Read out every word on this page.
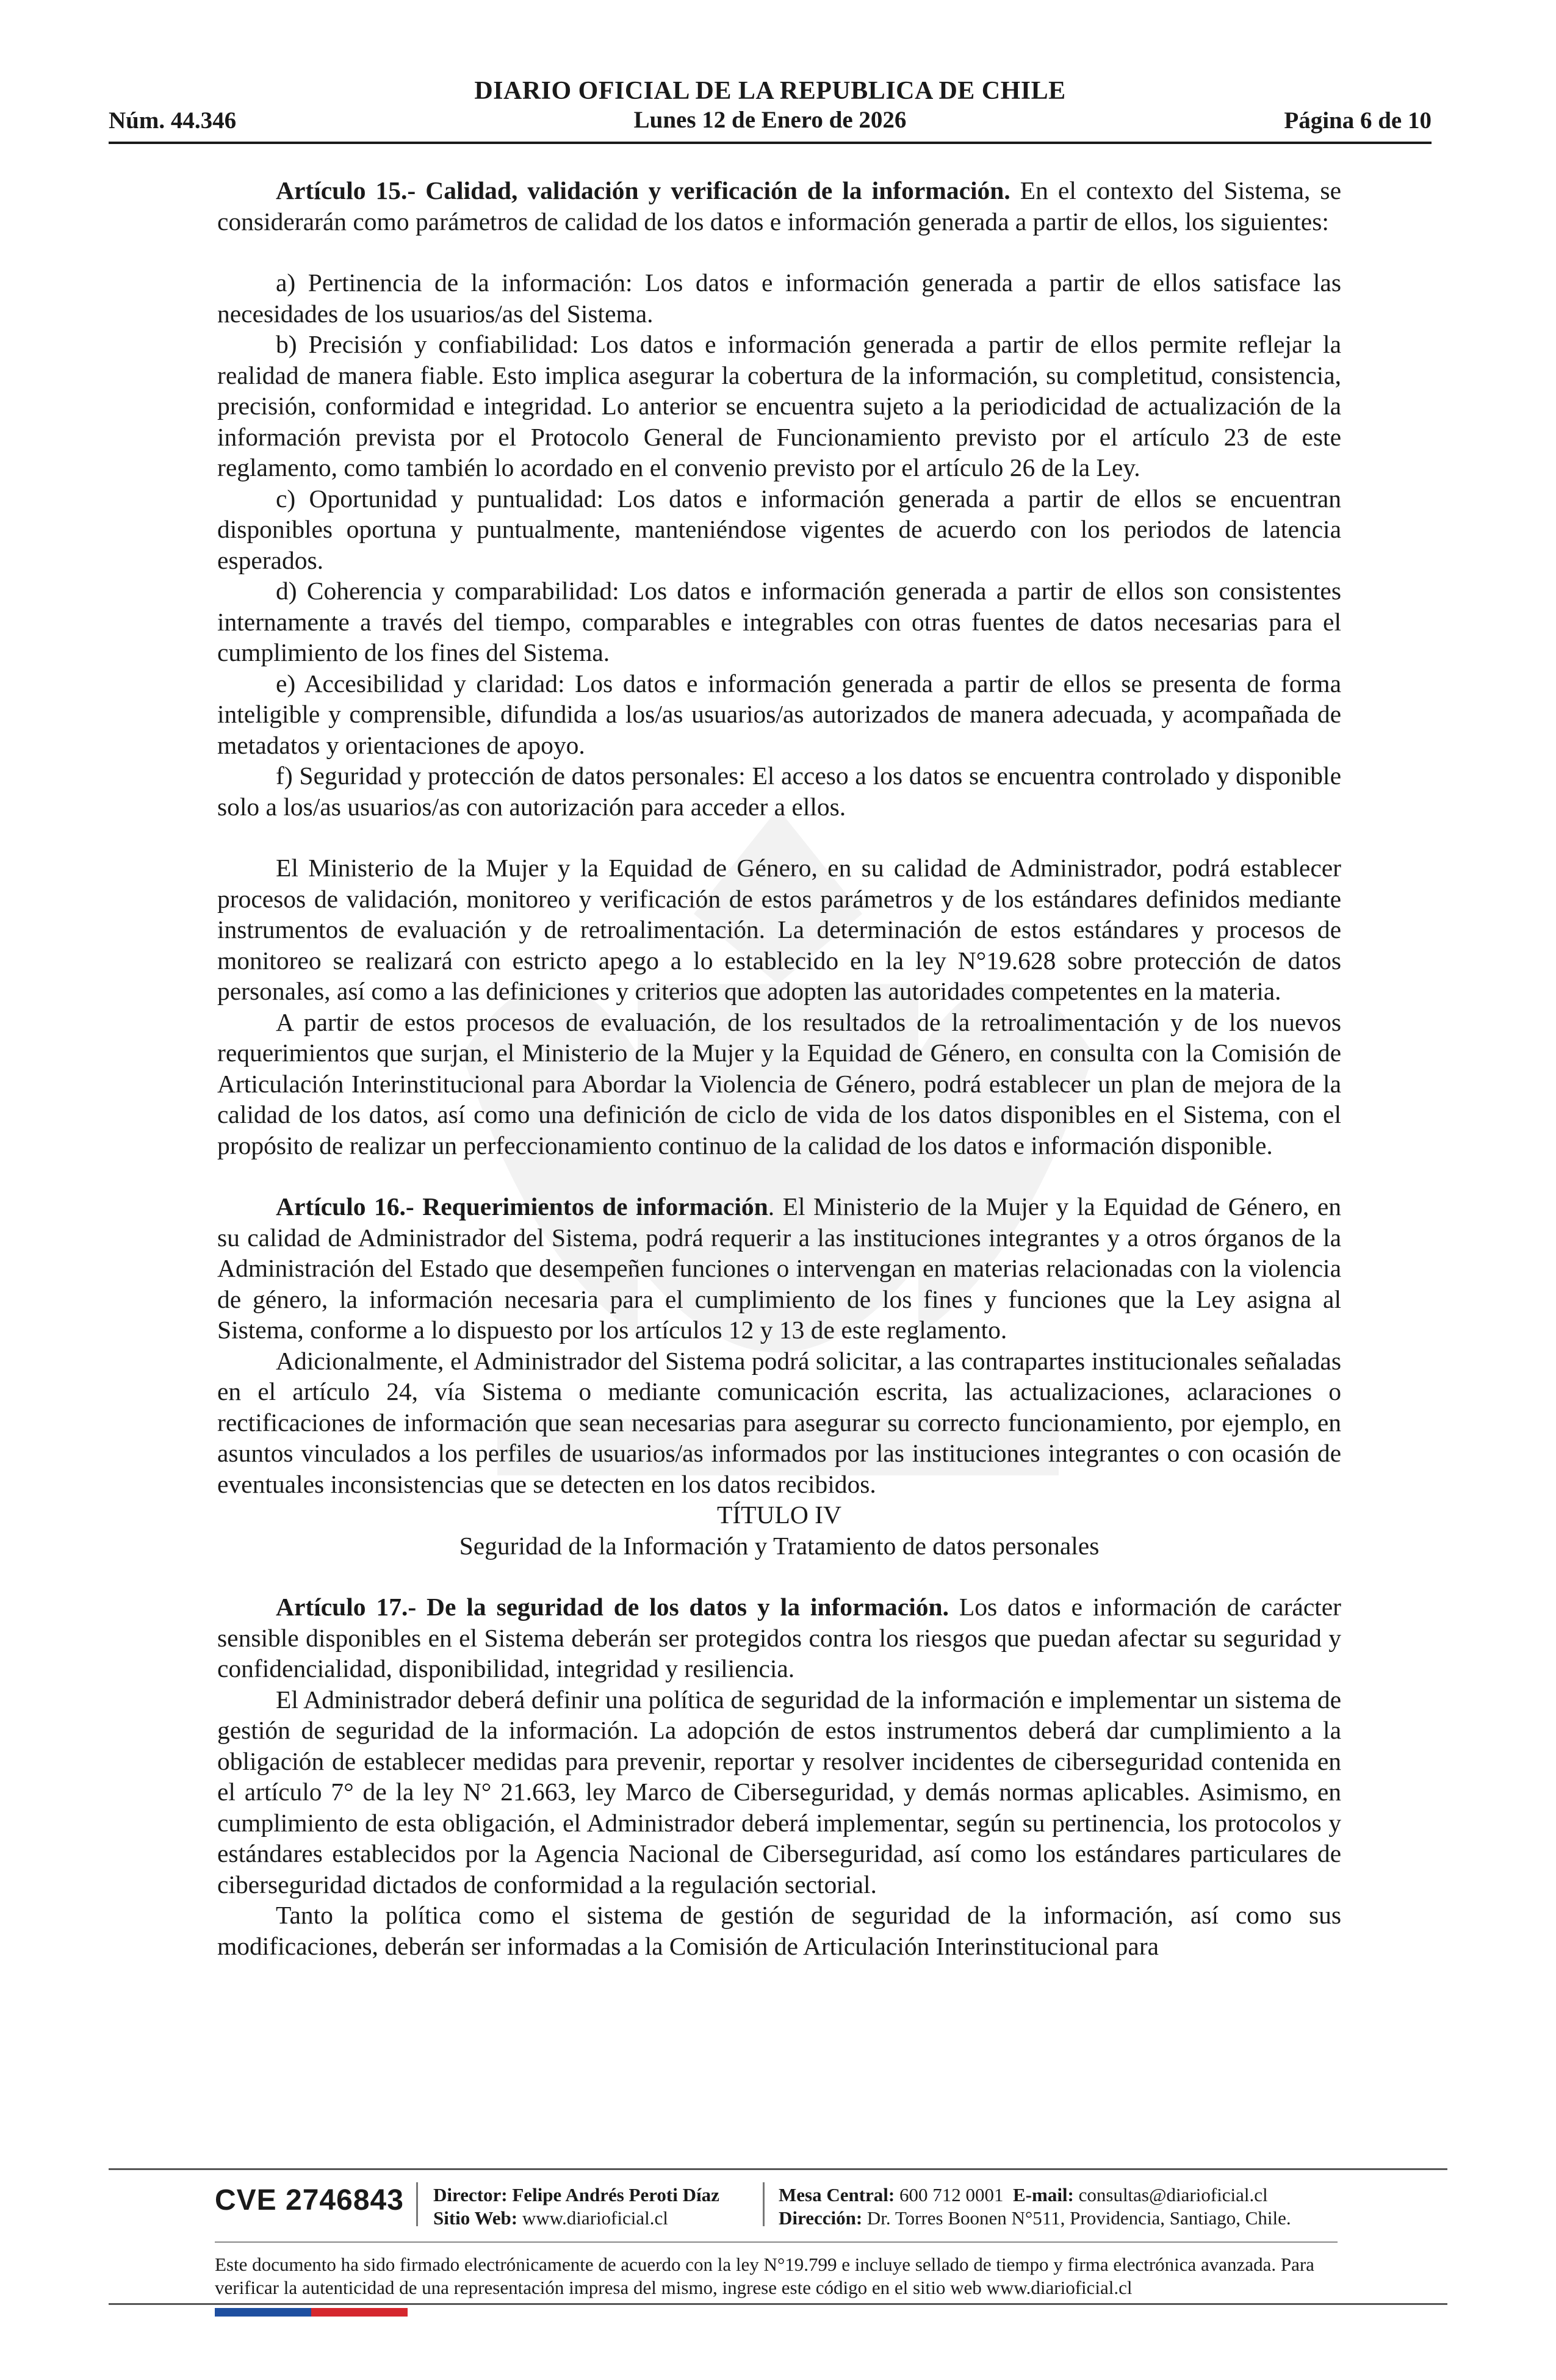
Núm. 44.346
DIARIO OFICIAL DE LA REPUBLICA DE CHILE
Lunes 12 de Enero de 2026	Página 6 de 10

Artículo 15.- Calidad, validación y verificación de la información. En el contexto del Sistema, se considerarán como parámetros de calidad de los datos e información generada a partir de ellos, los siguientes:

a) Pertinencia de la información: Los datos e información generada a partir de ellos satisface las necesidades de los usuarios/as del Sistema.

b) Precisión y confiabilidad: Los datos e información generada a partir de ellos permite reflejar la realidad de manera fiable. Esto implica asegurar la cobertura de la información, su completitud, consistencia, precisión, conformidad e integridad. Lo anterior se encuentra sujeto a la periodicidad de actualización de la información prevista por el Protocolo General de Funcionamiento previsto por el artículo 23 de este reglamento, como también lo acordado en el convenio previsto por el artículo 26 de la Ley.

c) Oportunidad y puntualidad: Los datos e información generada a partir de ellos se encuentran disponibles oportuna y puntualmente, manteniéndose vigentes de acuerdo con los periodos de latencia esperados.

d) Coherencia y comparabilidad: Los datos e información generada a partir de ellos son consistentes internamente a través del tiempo, comparables e integrables con otras fuentes de datos necesarias para el cumplimiento de los fines del Sistema.

e) Accesibilidad y claridad: Los datos e información generada a partir de ellos se presenta de forma inteligible y comprensible, difundida a los/as usuarios/as autorizados de manera adecuada, y acompañada de metadatos y orientaciones de apoyo.

f) Seguridad y protección de datos personales: El acceso a los datos se encuentra controlado y disponible solo a los/as usuarios/as con autorización para acceder a ellos.

El Ministerio de la Mujer y la Equidad de Género, en su calidad de Administrador, podrá establecer procesos de validación, monitoreo y verificación de estos parámetros y de los estándares definidos mediante instrumentos de evaluación y de retroalimentación. La determinación de estos estándares y procesos de monitoreo se realizará con estricto apego a lo establecido en la ley N°19.628 sobre protección de datos personales, así como a las definiciones y criterios que adopten las autoridades competentes en la materia.

A partir de estos procesos de evaluación, de los resultados de la retroalimentación y de los nuevos requerimientos que surjan, el Ministerio de la Mujer y la Equidad de Género, en consulta con la Comisión de Articulación Interinstitucional para Abordar la Violencia de Género, podrá establecer un plan de mejora de la calidad de los datos, así como una definición de ciclo de vida de los datos disponibles en el Sistema, con el propósito de realizar un perfeccionamiento continuo de la calidad de los datos e información disponible.

Artículo 16.- Requerimientos de información. El Ministerio de la Mujer y la Equidad de Género, en su calidad de Administrador del Sistema, podrá requerir a las instituciones integrantes y a otros órganos de la Administración del Estado que desempeñen funciones o intervengan en materias relacionadas con la violencia de género, la información necesaria para el cumplimiento de los fines y funciones que la Ley asigna al Sistema, conforme a lo dispuesto por los artículos 12 y 13 de este reglamento.

Adicionalmente, el Administrador del Sistema podrá solicitar, a las contrapartes institucionales señaladas en el artículo 24, vía Sistema o mediante comunicación escrita, las actualizaciones, aclaraciones o rectificaciones de información que sean necesarias para asegurar su correcto funcionamiento, por ejemplo, en asuntos vinculados a los perfiles de usuarios/as informados por las instituciones integrantes o con ocasión de eventuales inconsistencias que se detecten en los datos recibidos.

TÍTULO IV

Seguridad de la Información y Tratamiento de datos personales

Artículo 17.- De la seguridad de los datos y la información. Los datos e información de carácter sensible disponibles en el Sistema deberán ser protegidos contra los riesgos que puedan afectar su seguridad y confidencialidad, disponibilidad, integridad y resiliencia.

El Administrador deberá definir una política de seguridad de la información e implementar un sistema de gestión de seguridad de la información. La adopción de estos instrumentos deberá dar cumplimiento a la obligación de establecer medidas para prevenir, reportar y resolver incidentes de ciberseguridad contenida en el artículo 7° de la ley N° 21.663, ley Marco de Ciberseguridad, y demás normas aplicables. Asimismo, en cumplimiento de esta obligación, el Administrador deberá implementar, según su pertinencia, los protocolos y estándares establecidos por la Agencia Nacional de Ciberseguridad, así como los estándares particulares de ciberseguridad dictados de conformidad a la regulación sectorial.

Tanto la política como el sistema de gestión de seguridad de la información, así como sus modificaciones, deberán ser informadas a la Comisión de Articulación Interinstitucional para

CVE 2746843 Director: Felipe Andrés Peroti Díaz
Sitio Web: www.diarioficial.cl
Mesa Central: 600 712 0001 E-mail: consultas@diarioficial.cl
Dirección: Dr. Torres Boonen N°511, Providencia, Santiago, Chile.
Este documento ha sido firmado electrónicamente de acuerdo con la ley N°19.799 e incluye sellado de tiempo y firma electrónica avanzada. Para verificar la autenticidad de una representación impresa del mismo, ingrese este código en el sitio web www.diarioficial.cl
